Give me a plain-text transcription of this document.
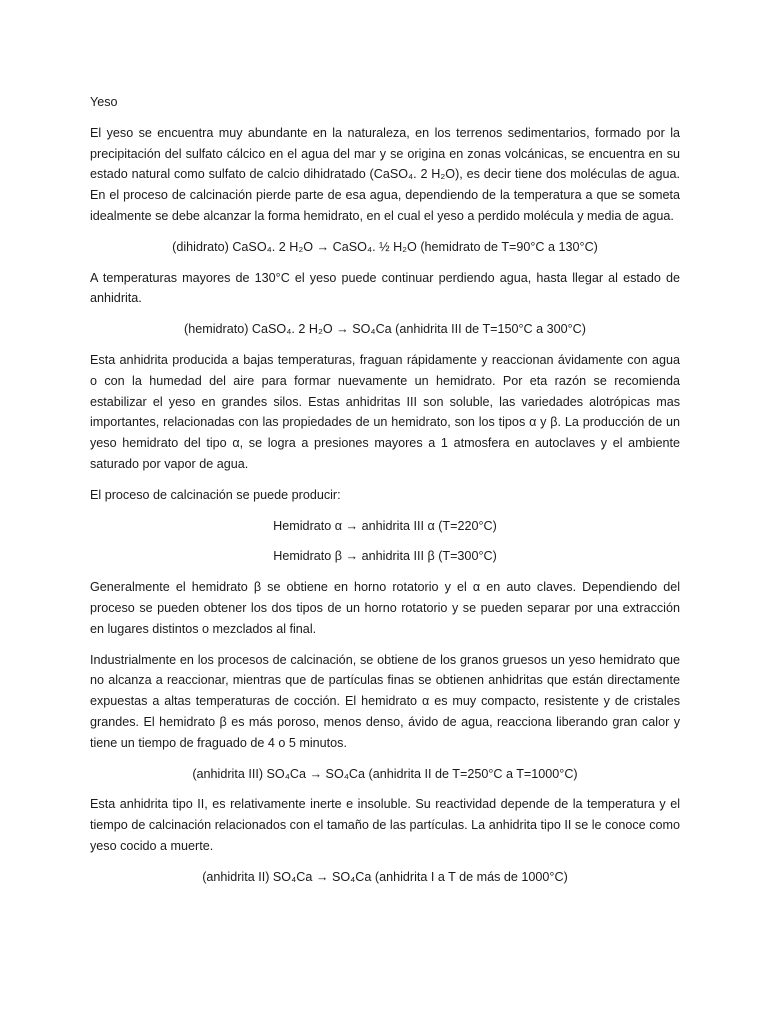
Yeso

El yeso se encuentra muy abundante en la naturaleza, en los terrenos sedimentarios, formado por la precipitación del sulfato cálcico en el agua del mar y se origina en zonas volcánicas, se encuentra en su estado natural como sulfato de calcio dihidratado (CaSO₄. 2 H₂O), es decir tiene dos moléculas de agua. En el proceso de calcinación pierde parte de esa agua, dependiendo de la temperatura a que se someta idealmente se debe alcanzar la forma hemidrato, en el cual el yeso a perdido molécula y media de agua.

(dihidrato) CaSO₄. 2 H₂O → CaSO₄. ½ H₂O (hemidrato de T=90°C a 130°C)

A temperaturas mayores de 130°C el yeso puede continuar perdiendo agua, hasta llegar al estado de anhidrita.

(hemidrato) CaSO₄. 2 H₂O → SO₄Ca (anhidrita III de T=150°C a 300°C)

Esta anhidrita producida a bajas temperaturas, fraguan rápidamente y reaccionan ávidamente con agua o con la humedad del aire para formar nuevamente un hemidrato. Por eta razón se recomienda estabilizar el yeso en grandes silos. Estas anhidritas III son soluble, las variedades alotrópicas mas importantes, relacionadas con las propiedades de un hemidrato, son los tipos α y β. La producción de un yeso hemidrato del tipo α, se logra a presiones mayores a 1 atmosfera en autoclaves y el ambiente saturado por vapor de agua.

El proceso de calcinación se puede producir:

Hemidrato α → anhidrita III α (T=220°C)

Hemidrato β → anhidrita III β (T=300°C)

Generalmente el hemidrato β se obtiene en horno rotatorio y el α en auto claves. Dependiendo del proceso se pueden obtener los dos tipos de un horno rotatorio y se pueden separar por una extracción en lugares distintos o mezclados al final.

Industrialmente en los procesos de calcinación, se obtiene de los granos gruesos un yeso hemidrato que no alcanza a reaccionar, mientras que de partículas finas se obtienen anhidritas que están directamente expuestas a altas temperaturas de cocción. El hemidrato α es muy compacto, resistente y de cristales grandes. El hemidrato β es más poroso, menos denso, ávido de agua, reacciona liberando gran calor y tiene un tiempo de fraguado de 4 o 5 minutos.

(anhidrita III) SO₄Ca → SO₄Ca (anhidrita II de T=250°C a T=1000°C)

Esta anhidrita tipo II, es relativamente inerte e insoluble. Su reactividad depende de la temperatura y el tiempo de calcinación relacionados con el tamaño de las partículas. La anhidrita tipo II se le conoce como yeso cocido a muerte.

(anhidrita II) SO₄Ca → SO₄Ca (anhidrita I a T de más de 1000°C)
